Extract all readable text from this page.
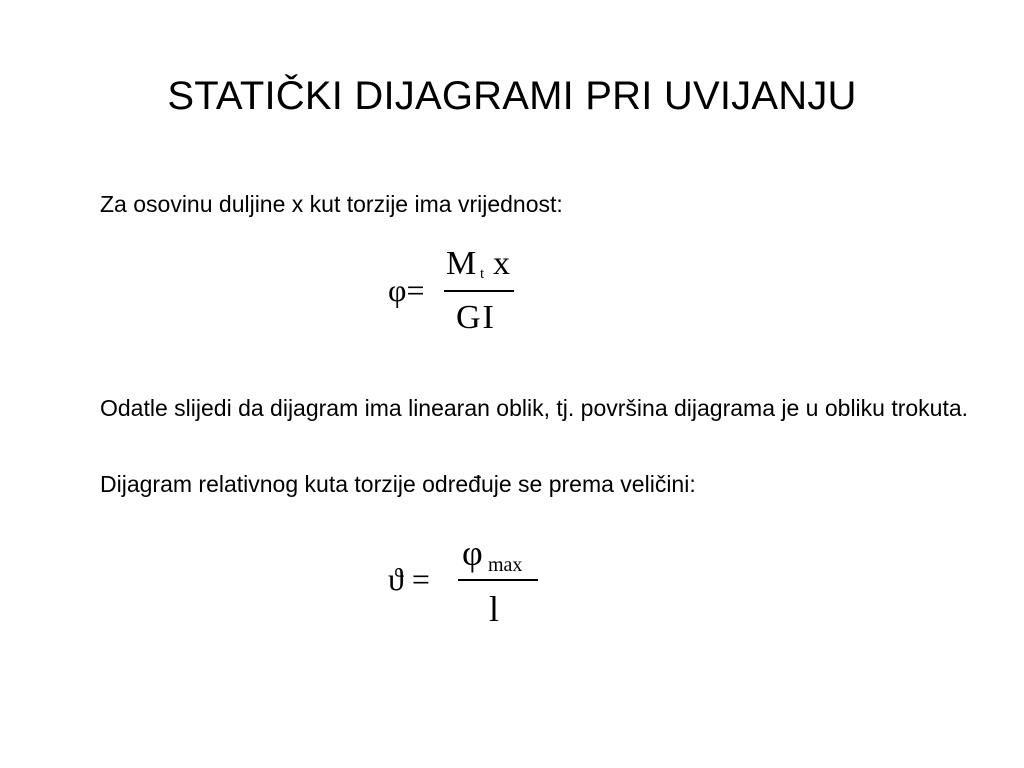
STATIČKI DIJAGRAMI PRI UVIJANJU
Za osovinu duljine x kut torzije ima vrijednost:
φ=
M t x
GI
Odatle slijedi da dijagram ima linearan oblik, tj. površina dijagrama je u obliku trokuta.
Dijagram relativnog kuta torzije određuje se prema veličini:
ϑ =
φ max
l
